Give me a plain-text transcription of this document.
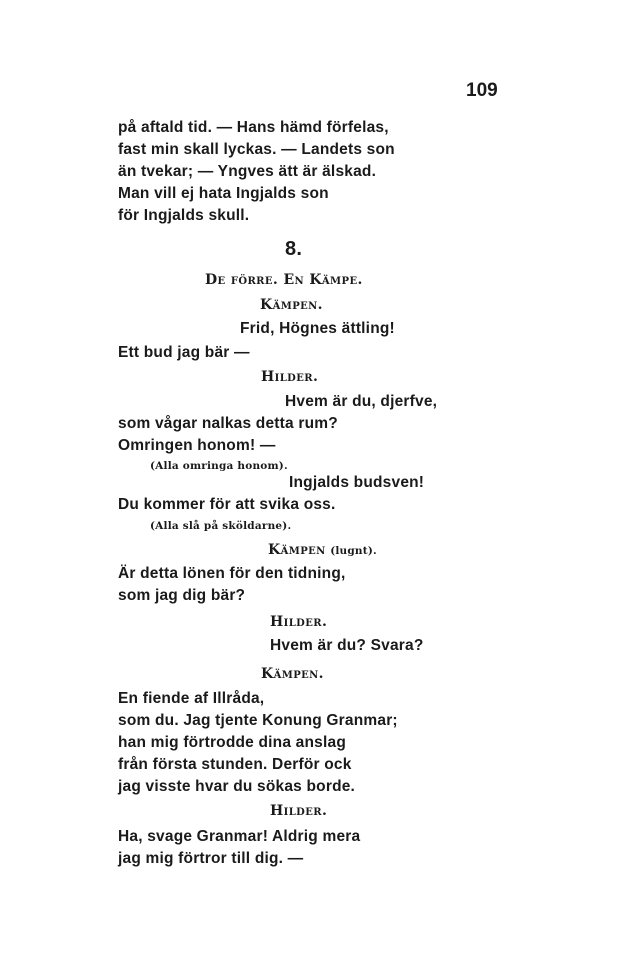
109
på aftald tid. — Hans hämd förfelas,
fast min skall lyckas. — Landets son
än tvekar; — Yngves ätt är älskad.
Man vill ej hata Ingjalds son
för Ingjalds skull.
8.
De förre. En Kämpe.
Kämpen.
Frid, Högnes ättling!
Ett bud jag bär —
Hilder.
Hvem är du, djerfve,
som vågar nalkas detta rum?
Omringen honom! —
(Alla omringa honom).
Ingjalds budsven!
Du kommer för att svika oss.
(Alla slå på sköldarne).
Kämpen (lugnt).
Är detta lönen för den tidning,
som jag dig bär?
Hilder.
Hvem är du? Svara?
Kämpen.
En fiende af Illråda,
som du. Jag tjente Konung Granmar;
han mig förtrodde dina anslag
från första stunden. Derför ock
jag visste hvar du sökas borde.
Hilder.
Ha, svage Granmar! Aldrig mera
jag mig förtror till dig. —
